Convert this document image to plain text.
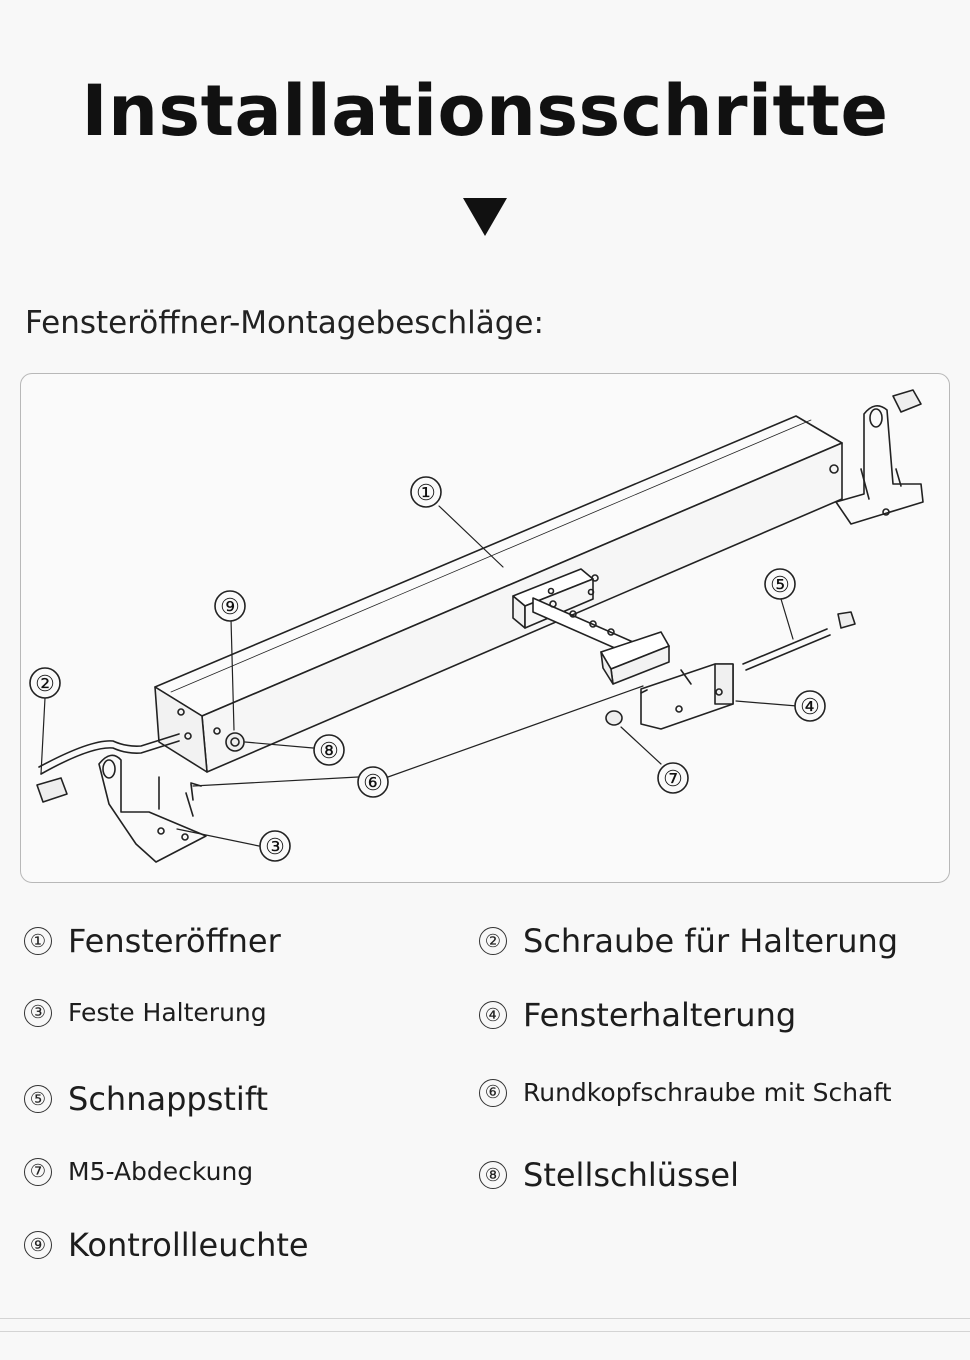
Installationsschritte
Fensteröffner-Montagebeschläge:
①
②
③
④
⑤
⑥	⑦
⑧
⑨
① Fensteröffner	② Schraube für Halterung
③ Feste Halterung	④ Fensterhalterung
⑤ Schnappstift	⑥ Rundkopfschraube mit Schaft
⑦ M5-Abdeckung	⑧ Stellschlüssel
⑨ Kontrollleuchte
